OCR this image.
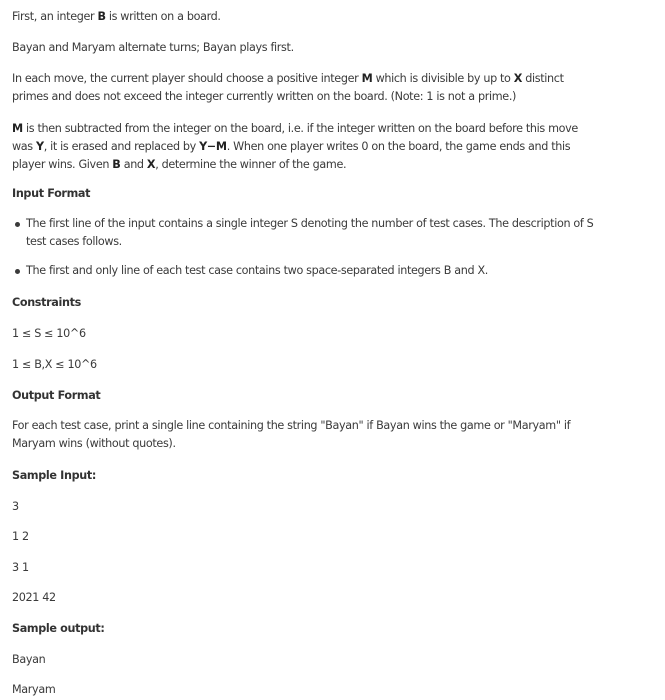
First, an integer B is written on a board.
Bayan and Maryam alternate turns; Bayan plays first.
In each move, the current player should choose a positive integer M which is divisible by up to X distinct
primes and does not exceed the integer currently written on the board. (Note: 1 is not a prime.)
M is then subtracted from the integer on the board, i.e. if the integer written on the board before this move
was Y, it is erased and replaced by Y−M. When one player writes 0 on the board, the game ends and this
player wins. Given B and X, determine the winner of the game.
Input Format
The first line of the input contains a single integer S denoting the number of test cases. The description of S
test cases follows.
The first and only line of each test case contains two space-separated integers B and X.
Constraints
1 ≤ S ≤ 10^6
1 ≤ B,X ≤ 10^6
Output Format
For each test case, print a single line containing the string "Bayan" if Bayan wins the game or "Maryam" if
Maryam wins (without quotes).
Sample Input:
3
1 2
3 1
2021 42
Sample output:
Bayan
Maryam
